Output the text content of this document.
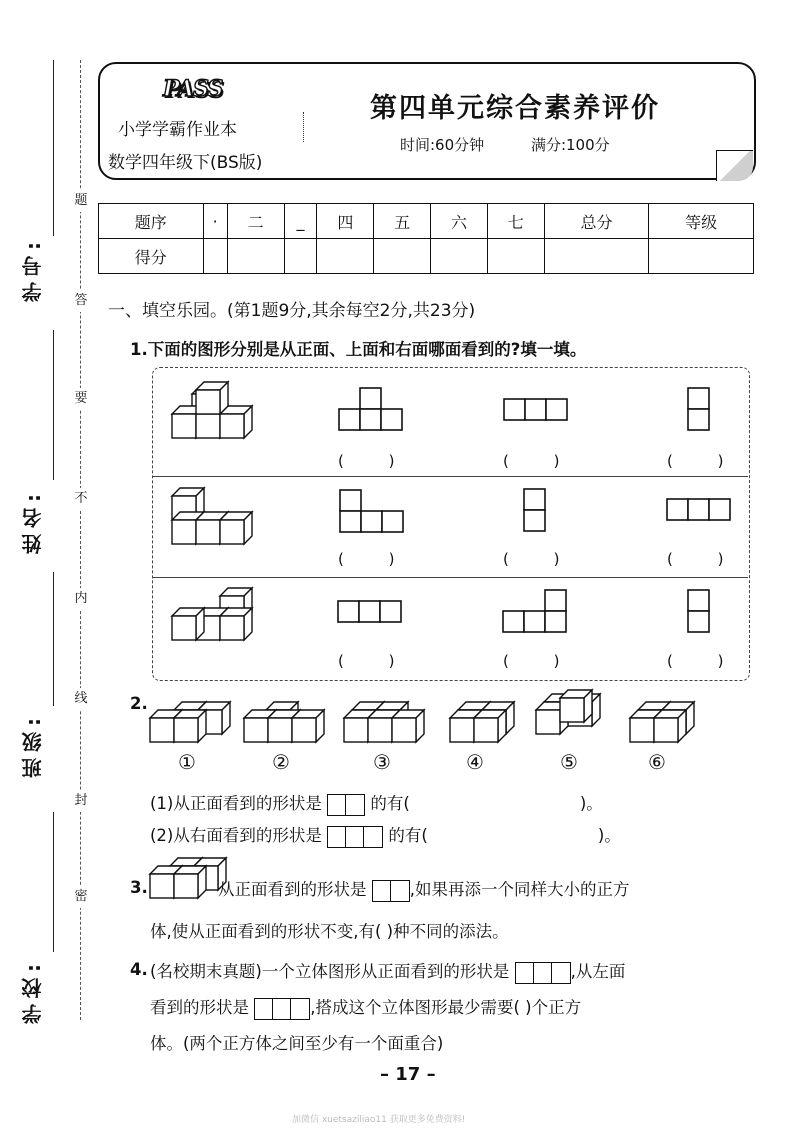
学号:
姓名:
班级:
学校:
题
答
要
不
内
线
封
密
PASS
小学学霸作业本
数学四年级下(BS版)
第四单元综合素养评价
时间:60分钟	满分:100分
题序	·	二	_	四	五	六	七	总分	等级
得分									
一、填空乐园。(第1题9分,其余每空2分,共23分)
1.下面的图形分别是从正面、上面和右面哪面看到的?填一填。
( )	( )	( )
( )	( )	( )
( )	( )	( )
2.
①	②	③	④	⑤	⑥
(1)从正面看到的形状是	的有(	)。
(2)从右面看到的形状是	的有(	)。
3.	从正面看到的形状是	,如果再添一个同样大小的正方
体,使从正面看到的形状不变,有( )种不同的添法。
4. (名校期末真题)一个立体图形从正面看到的形状是	,从左面
看到的形状是	,搭成这个立体图形最少需要( )个正方
体。(两个正方体之间至少有一个面重合)
– 17 –
加微信 xuetsaziliao11 获取更多免费资料!
